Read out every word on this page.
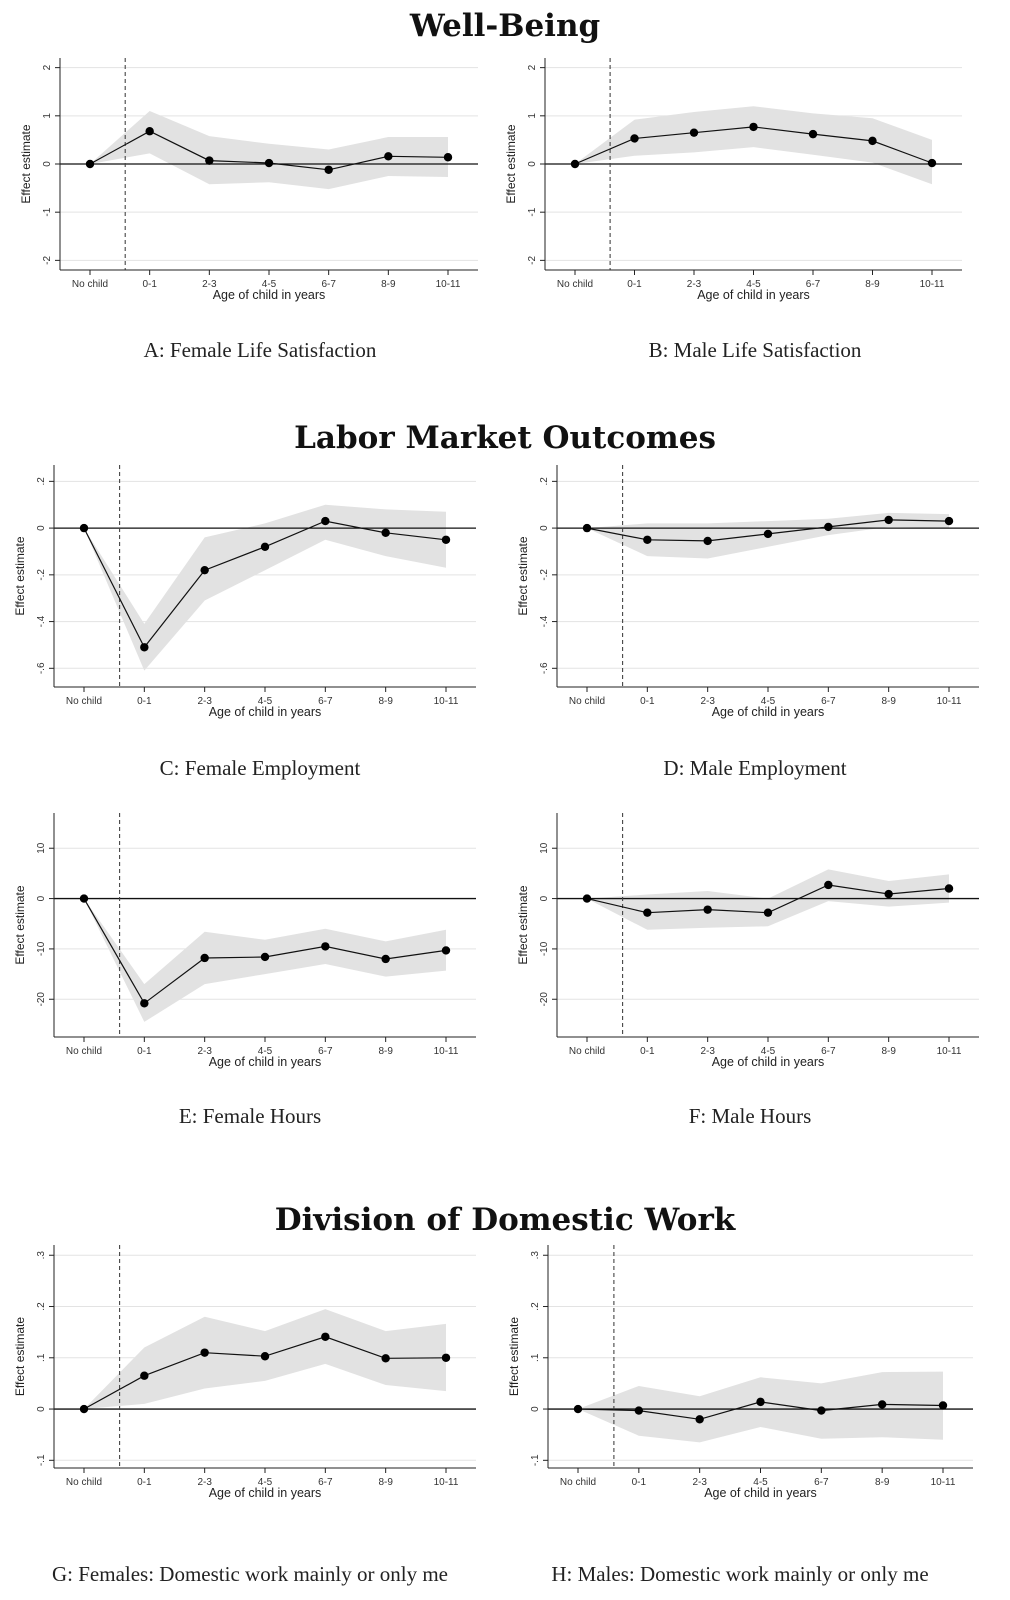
Well-Being
Labor Market Outcomes
Division of Domestic Work
A: Female Life Satisfaction	B: Male Life Satisfaction
C: Female Employment	D: Male Employment
E: Female Hours	F: Male Hours
G: Females: Domestic work mainly or only me	H: Males: Domestic work mainly or only me
-2
-1
0
1
2
No child	0-1	2-3	4-5	6-7	8-9	10-11
Age of child in years
Effect estimate
-2
-1
0
1
2
No child	0-1	2-3	4-5	6-7	8-9	10-11
Age of child in years
Effect estimate
-.6
-.4
-.2
0
.2
No child	0-1	2-3	4-5	6-7	8-9	10-11
Age of child in years
Effect estimate
-.6
-.4
-.2
0
.2
No child	0-1	2-3	4-5	6-7	8-9	10-11
Age of child in years
Effect estimate
-20
-10
0
10
No child	0-1	2-3	4-5	6-7	8-9	10-11
Age of child in years
Effect estimate
-20
-10
0
10
No child	0-1	2-3	4-5	6-7	8-9	10-11
Age of child in years
Effect estimate
-.1
0
.1
.2
.3
No child	0-1	2-3	4-5	6-7	8-9	10-11
Age of child in years
Effect estimate
-.1
0
.1
.2
.3
No child	0-1	2-3	4-5	6-7	8-9	10-11
Age of child in years
Effect estimate
